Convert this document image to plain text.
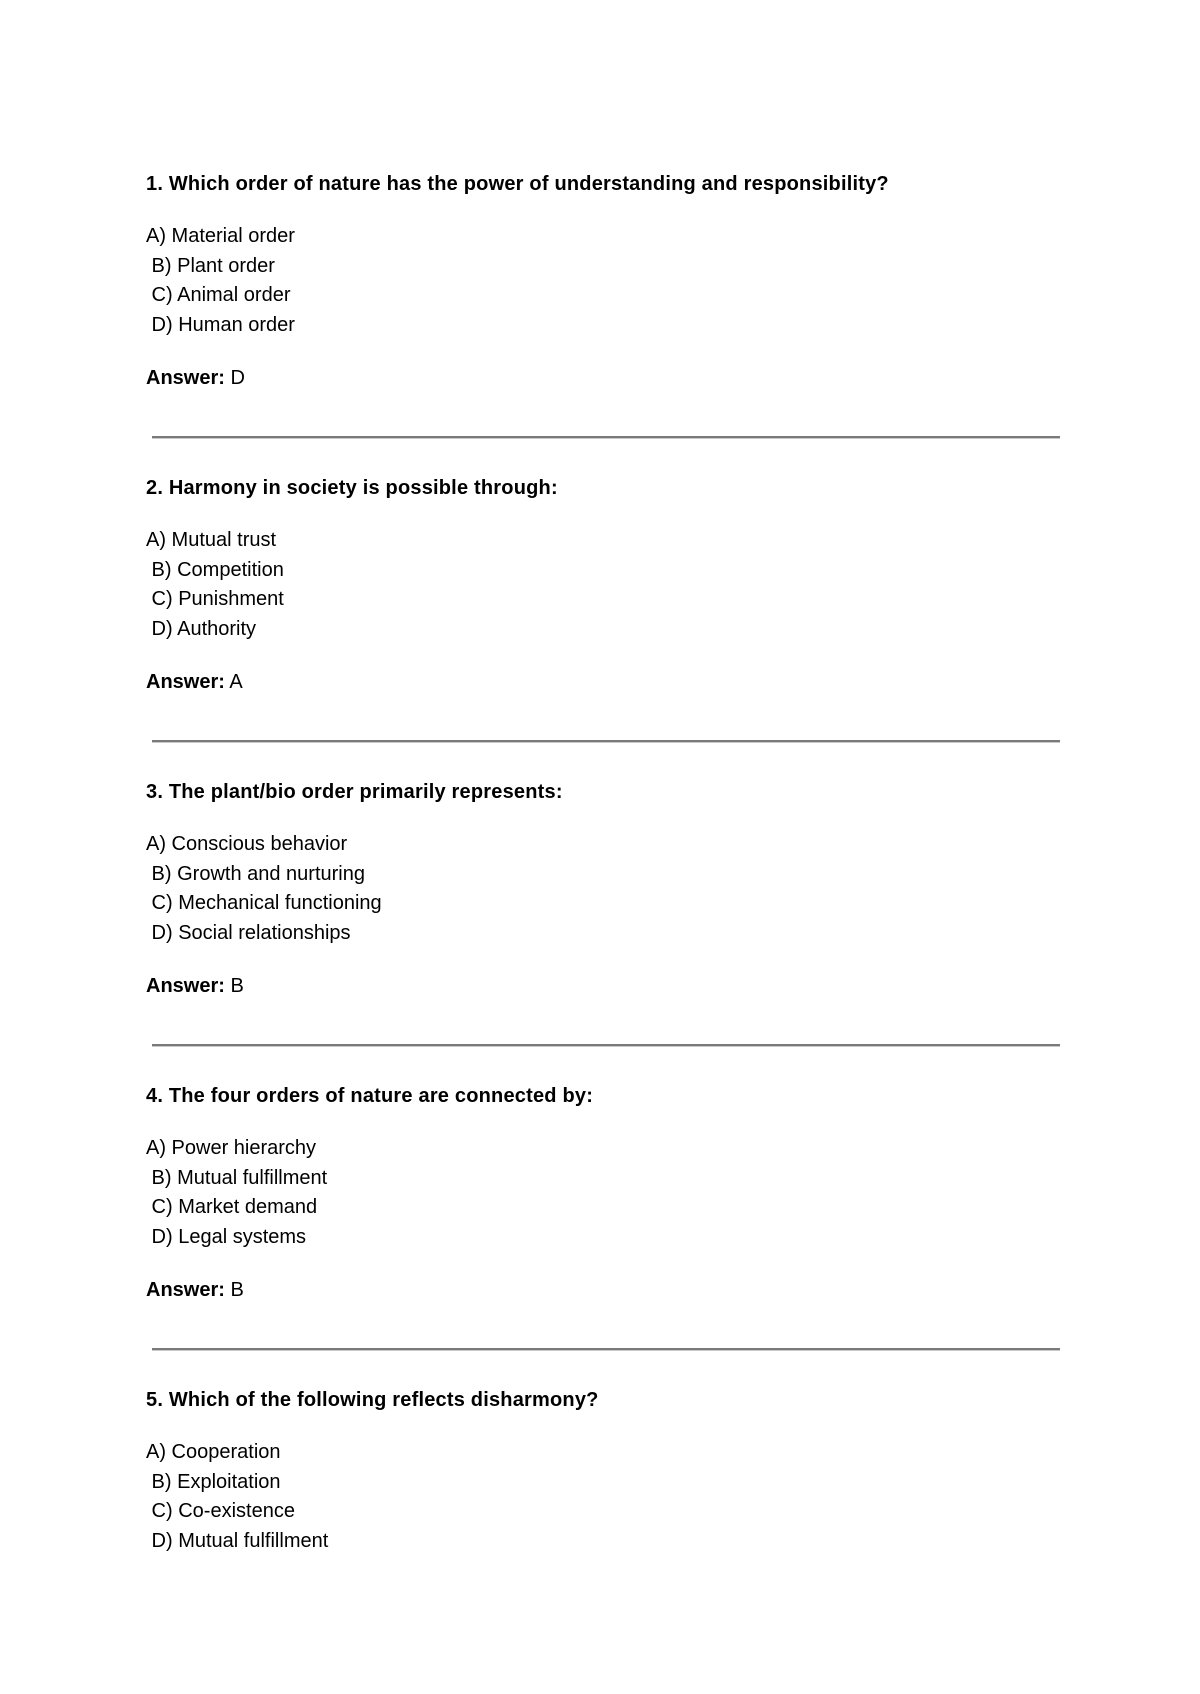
1. Which order of nature has the power of understanding and responsibility?

A) Material order

B) Plant order

C) Animal order

D) Human order

Answer: D

2. Harmony in society is possible through:

A) Mutual trust

B) Competition

C) Punishment

D) Authority

Answer: A

3. The plant/bio order primarily represents:

A) Conscious behavior

B) Growth and nurturing

C) Mechanical functioning

D) Social relationships

Answer: B

4. The four orders of nature are connected by:

A) Power hierarchy

B) Mutual fulfillment

C) Market demand

D) Legal systems

Answer: B

5. Which of the following reflects disharmony?

A) Cooperation

B) Exploitation

C) Co-existence

D) Mutual fulfillment
